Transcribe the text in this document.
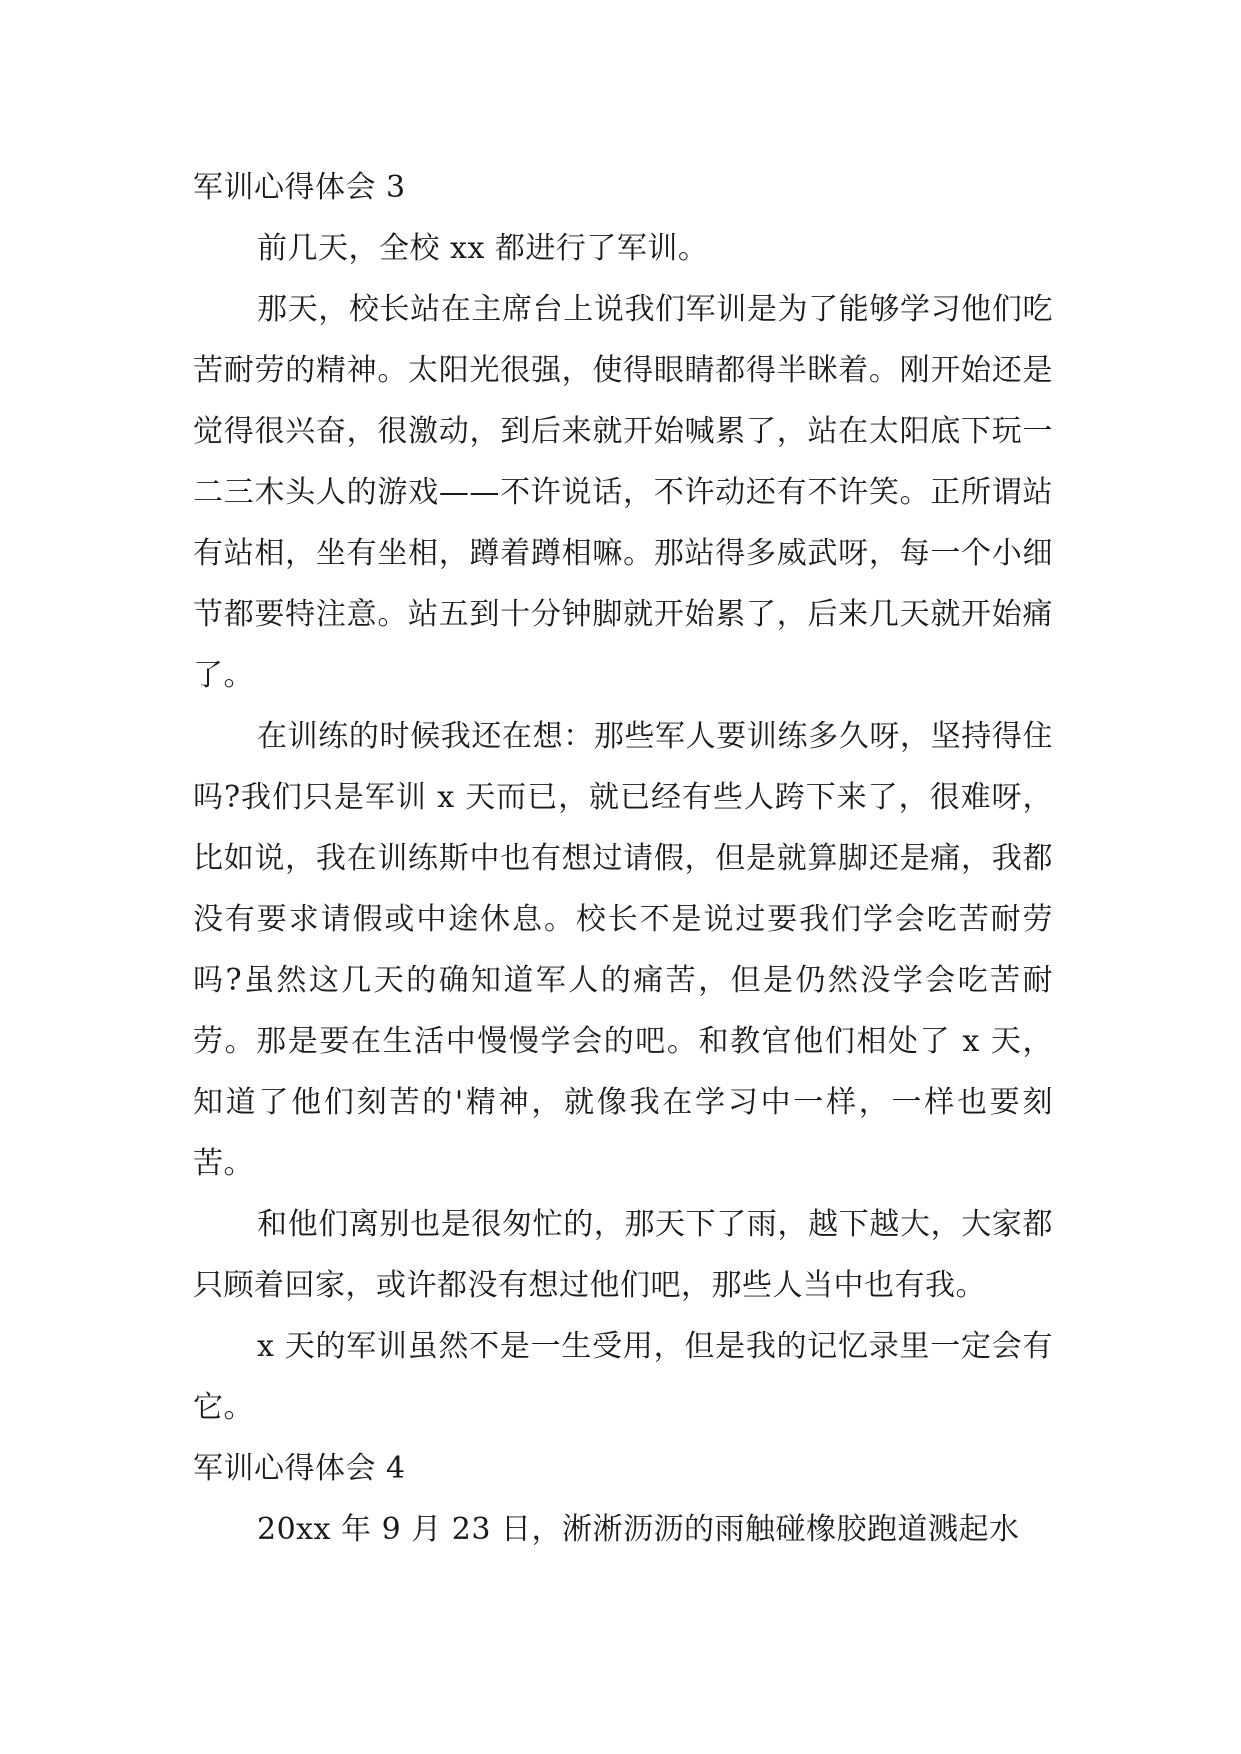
军训心得体会 3

前几天，全校 xx 都进行了军训。

那天，校长站在主席台上说我们军训是为了能够学习他们吃苦耐劳的精神。太阳光很强，使得眼睛都得半眯着。刚开始还是觉得很兴奋，很激动，到后来就开始喊累了，站在太阳底下玩一二三木头人的游戏——不许说话，不许动还有不许笑。正所谓站有站相，坐有坐相，蹲着蹲相嘛。那站得多威武呀，每一个小细节都要特注意。站五到十分钟脚就开始累了，后来几天就开始痛了。

在训练的时候我还在想：那些军人要训练多久呀，坚持得住吗?我们只是军训 x 天而已，就已经有些人跨下来了，很难呀，比如说，我在训练斯中也有想过请假，但是就算脚还是痛，我都没有要求请假或中途休息。校长不是说过要我们学会吃苦耐劳吗?虽然这几天的确知道军人的痛苦，但是仍然没学会吃苦耐劳。那是要在生活中慢慢学会的吧。和教官他们相处了 x 天，知道了他们刻苦的'精神，就像我在学习中一样，一样也要刻苦。

和他们离别也是很匆忙的，那天下了雨，越下越大，大家都只顾着回家，或许都没有想过他们吧，那些人当中也有我。

x 天的军训虽然不是一生受用，但是我的记忆录里一定会有它。

军训心得体会 4

20xx 年 9 月 23 日，淅淅沥沥的雨触碰橡胶跑道溅起水
